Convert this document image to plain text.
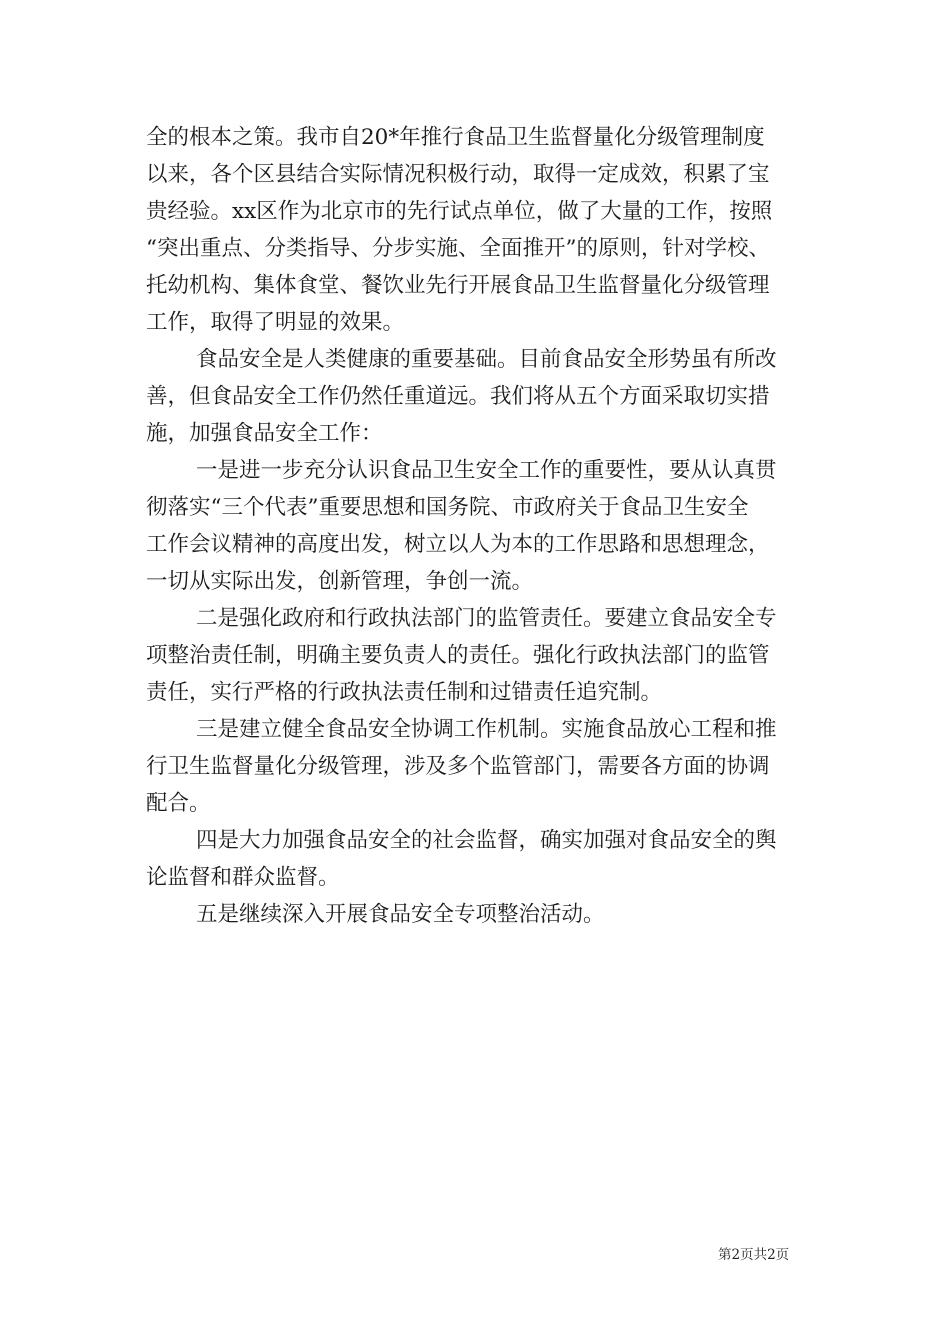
全的根本之策。我市自20*年推行食品卫生监督量化分级管理制度
以来，各个区县结合实际情况积极行动，取得一定成效，积累了宝
贵经验。xx区作为北京市的先行试点单位，做了大量的工作，按照
“突出重点、分类指导、分步实施、全面推开”的原则，针对学校、
托幼机构、集体食堂、餐饮业先行开展食品卫生监督量化分级管理
工作，取得了明显的效果。
食品安全是人类健康的重要基础。目前食品安全形势虽有所改
善，但食品安全工作仍然任重道远。我们将从五个方面采取切实措
施，加强食品安全工作：
一是进一步充分认识食品卫生安全工作的重要性，要从认真贯
彻落实“三个代表”重要思想和国务院、市政府关于食品卫生安全
工作会议精神的高度出发，树立以人为本的工作思路和思想理念，
一切从实际出发，创新管理，争创一流。
二是强化政府和行政执法部门的监管责任。要建立食品安全专
项整治责任制，明确主要负责人的责任。强化行政执法部门的监管
责任，实行严格的行政执法责任制和过错责任追究制。
三是建立健全食品安全协调工作机制。实施食品放心工程和推
行卫生监督量化分级管理，涉及多个监管部门，需要各方面的协调
配合。
四是大力加强食品安全的社会监督，确实加强对食品安全的舆
论监督和群众监督。
五是继续深入开展食品安全专项整治活动。
第2页共2页
